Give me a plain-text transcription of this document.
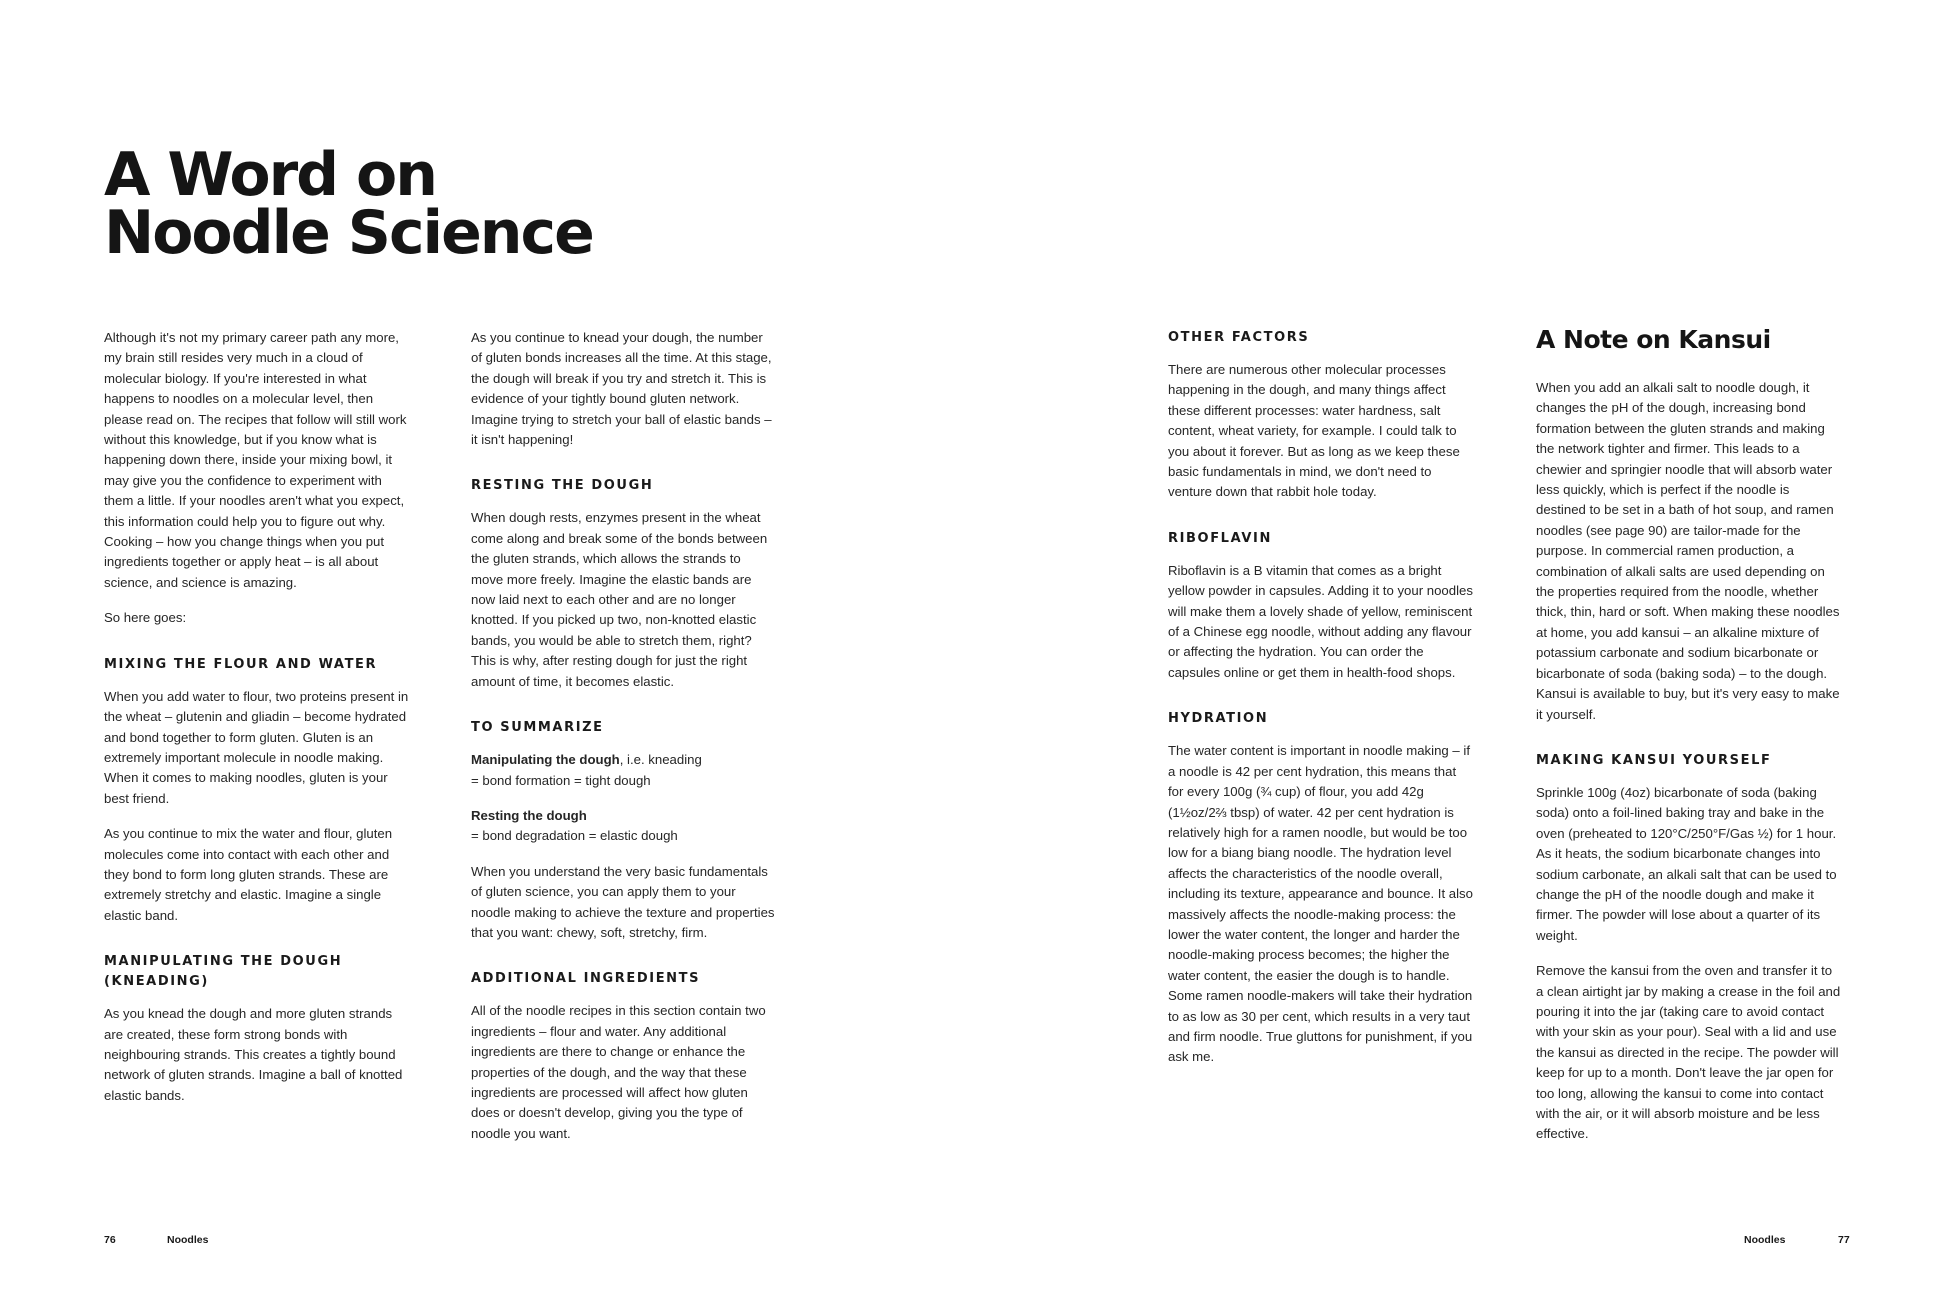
A Word on
Noodle Science

Although it's not my primary career path any more, my brain still resides very much in a cloud of molecular biology. If you're interested in what happens to noodles on a molecular level, then please read on. The recipes that follow will still work without this knowledge, but if you know what is happening down there, inside your mixing bowl, it may give you the confidence to experiment with them a little. If your noodles aren't what you expect, this information could help you to figure out why. Cooking – how you change things when you put ingredients together or apply heat – is all about science, and science is amazing.

So here goes:

MIXING THE FLOUR AND WATER

When you add water to flour, two proteins present in the wheat – glutenin and gliadin – become hydrated and bond together to form gluten. Gluten is an extremely important molecule in noodle making. When it comes to making noodles, gluten is your best friend.

As you continue to mix the water and flour, gluten molecules come into contact with each other and they bond to form long gluten strands. These are extremely stretchy and elastic. Imagine a single elastic band.

MANIPULATING THE DOUGH (KNEADING)

As you knead the dough and more gluten strands are created, these form strong bonds with neighbouring strands. This creates a tightly bound network of gluten strands. Imagine a ball of knotted elastic bands.

As you continue to knead your dough, the number of gluten bonds increases all the time. At this stage, the dough will break if you try and stretch it. This is evidence of your tightly bound gluten network. Imagine trying to stretch your ball of elastic bands – it isn't happening!

RESTING THE DOUGH

When dough rests, enzymes present in the wheat come along and break some of the bonds between the gluten strands, which allows the strands to move more freely. Imagine the elastic bands are now laid next to each other and are no longer knotted. If you picked up two, non-knotted elastic bands, you would be able to stretch them, right? This is why, after resting dough for just the right amount of time, it becomes elastic.

TO SUMMARIZE

Manipulating the dough, i.e. kneading
= bond formation = tight dough

Resting the dough
= bond degradation = elastic dough

When you understand the very basic fundamentals of gluten science, you can apply them to your noodle making to achieve the texture and properties that you want: chewy, soft, stretchy, firm.

ADDITIONAL INGREDIENTS

All of the noodle recipes in this section contain two ingredients – flour and water. Any additional ingredients are there to change or enhance the properties of the dough, and the way that these ingredients are processed will affect how gluten does or doesn't develop, giving you the type of noodle you want.

OTHER FACTORS

There are numerous other molecular processes happening in the dough, and many things affect these different processes: water hardness, salt content, wheat variety, for example. I could talk to you about it forever. But as long as we keep these basic fundamentals in mind, we don't need to venture down that rabbit hole today.

RIBOFLAVIN

Riboflavin is a B vitamin that comes as a bright yellow powder in capsules. Adding it to your noodles will make them a lovely shade of yellow, reminiscent of a Chinese egg noodle, without adding any flavour or affecting the hydration. You can order the capsules online or get them in health-food shops.

HYDRATION

The water content is important in noodle making – if a noodle is 42 per cent hydration, this means that for every 100g (¾ cup) of flour, you add 42g (1½oz/2⅔ tbsp) of water. 42 per cent hydration is relatively high for a ramen noodle, but would be too low for a biang biang noodle. The hydration level affects the characteristics of the noodle overall, including its texture, appearance and bounce. It also massively affects the noodle-making process: the lower the water content, the longer and harder the noodle-making process becomes; the higher the water content, the easier the dough is to handle. Some ramen noodle-makers will take their hydration to as low as 30 per cent, which results in a very taut and firm noodle. True gluttons for punishment, if you ask me.

A Note on Kansui

When you add an alkali salt to noodle dough, it changes the pH of the dough, increasing bond formation between the gluten strands and making the network tighter and firmer. This leads to a chewier and springier noodle that will absorb water less quickly, which is perfect if the noodle is destined to be set in a bath of hot soup, and ramen noodles (see page 90) are tailor-made for the purpose. In commercial ramen production, a combination of alkali salts are used depending on the properties required from the noodle, whether thick, thin, hard or soft. When making these noodles at home, you add kansui – an alkaline mixture of potassium carbonate and sodium bicarbonate or bicarbonate of soda (baking soda) – to the dough. Kansui is available to buy, but it's very easy to make it yourself.

MAKING KANSUI YOURSELF

Sprinkle 100g (4oz) bicarbonate of soda (baking soda) onto a foil-lined baking tray and bake in the oven (preheated to 120°C/250°F/Gas ½) for 1 hour. As it heats, the sodium bicarbonate changes into sodium carbonate, an alkali salt that can be used to change the pH of the noodle dough and make it firmer. The powder will lose about a quarter of its weight.

Remove the kansui from the oven and transfer it to a clean airtight jar by making a crease in the foil and pouring it into the jar (taking care to avoid contact with your skin as your pour). Seal with a lid and use the kansui as directed in the recipe. The powder will keep for up to a month. Don't leave the jar open for too long, allowing the kansui to come into contact with the air, or it will absorb moisture and be less effective.

76	Noodles	Noodles	77
